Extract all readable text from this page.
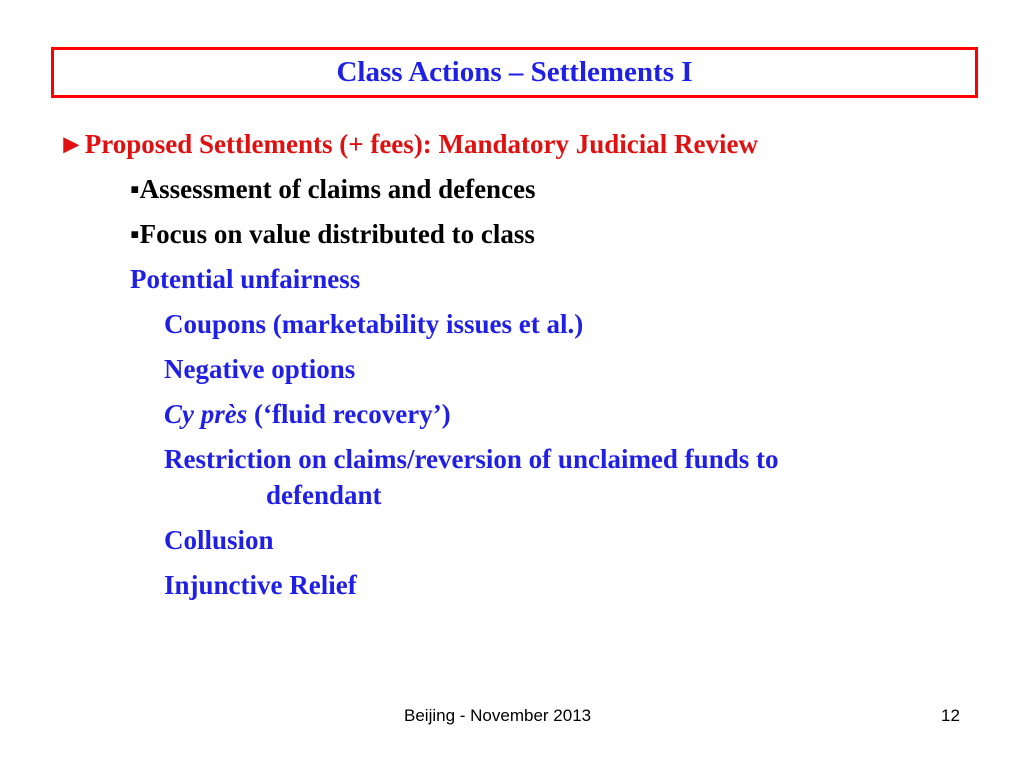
Class Actions – Settlements I
►Proposed Settlements (+ fees): Mandatory Judicial Review
▪Assessment of claims and defences
▪Focus on value distributed to class
Potential unfairness
Coupons (marketability issues et al.)
Negative options
Cy près (‘fluid recovery’)
Restriction on claims/reversion of unclaimed funds to
defendant
Collusion
Injunctive Relief
Beijing - November 2013	12
